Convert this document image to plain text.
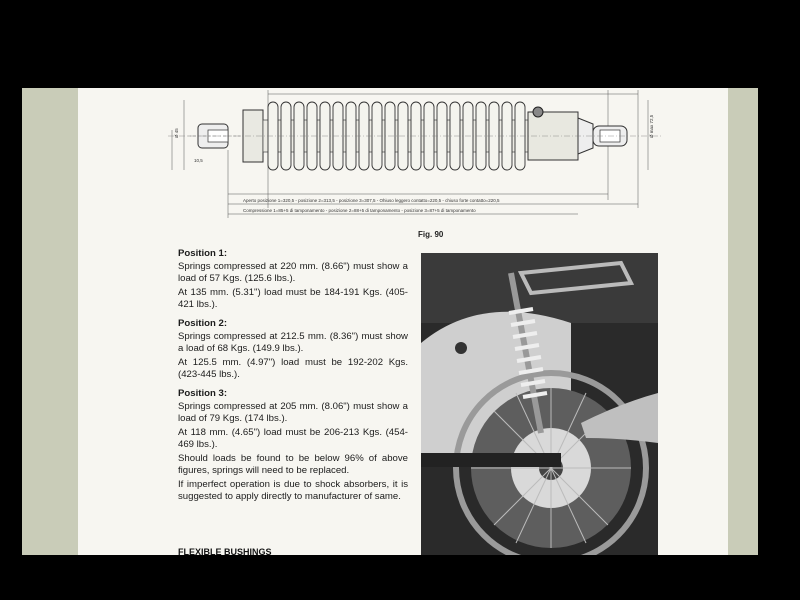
10,5
Ø 45	Ø max 72,5
Aperto posizione 1=320,5 - posizione 2=313,5 - posizione 3=307,5 - Ohiuso leggero contatto=220,5 - chiuso forte contatto=220,5
Compressione 1=85+5 di tamponamento - posizione 2=88+5 di tamponamento - posizione 3=87+5 di tamponamento
Fig. 90
Position 1:

Springs compressed at 220 mm. (8.66") must show a load of 57 Kgs. (125.6 lbs.).

At 135 mm. (5.31") load must be 184-191 Kgs. (405-421 lbs.).

Position 2:

Springs compressed at 212.5 mm. (8.36") must show a load of 68 Kgs. (149.9 lbs.).

At 125.5 mm. (4.97") load must be 192-202 Kgs. (423-445 lbs.).

Position 3:

Springs compressed at 205 mm. (8.06") must show a load of 79 Kgs. (174 lbs.).

At 118 mm. (4.65") load must be 206-213 Kgs. (454-469 lbs.).

Should loads be found to be below 96% of above figures, springs will need to be replaced.

If imperfect operation is due to shock absorbers, it is suggested to apply directly to manufacturer of same.

FLEXIBLE BUSHINGS
